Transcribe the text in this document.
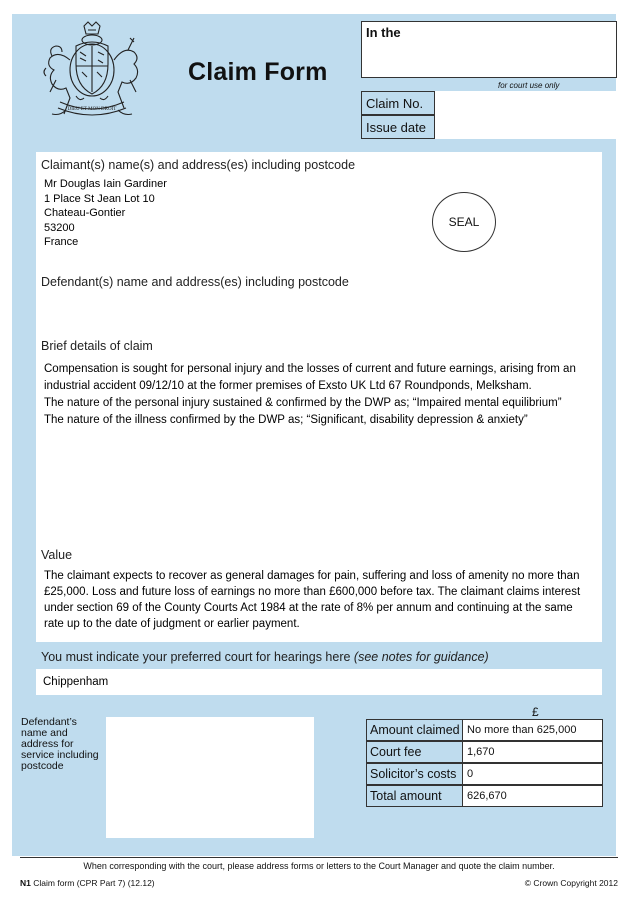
DIEU ET MON DROIT
Claim Form
In the
for court use only
Claim No.
Issue date
Claimant(s) name(s) and address(es) including postcode
Mr Douglas Iain Gardiner
1 Place St Jean Lot 10
Chateau-Gontier
53200
France
SEAL
Defendant(s) name and address(es) including postcode
Brief details of claim
Compensation is sought for personal injury and the losses of current and future earnings, arising from an
industrial accident 09/12/10 at the former premises of Exsto UK Ltd 67 Roundponds, Melksham.
The nature of the personal injury sustained & confirmed by the DWP as; “Impaired mental equilibrium”
The nature of the illness confirmed by the DWP as; “Significant, disability depression & anxiety”
Value
The claimant expects to recover as general damages for pain, suffering and loss of amenity no more than
£25,000. Loss and future loss of earnings no more than £600,000 before tax. The claimant claims interest
under section 69 of the County Courts Act 1984 at the rate of 8% per annum and continuing at the same
rate up to the date of judgment or earlier payment.
You must indicate your preferred court for hearings here (see notes for guidance)
Chippenham
Defendant’s
name and
address for
service including
postcode
£
Amount claimed No more than 625,000
Court fee	1,670
Solicitor’s costs 0
Total amount	626,670
When corresponding with the court, please address forms or letters to the Court Manager and quote the claim number.
N1 Claim form (CPR Part 7) (12.12)	© Crown Copyright 2012
